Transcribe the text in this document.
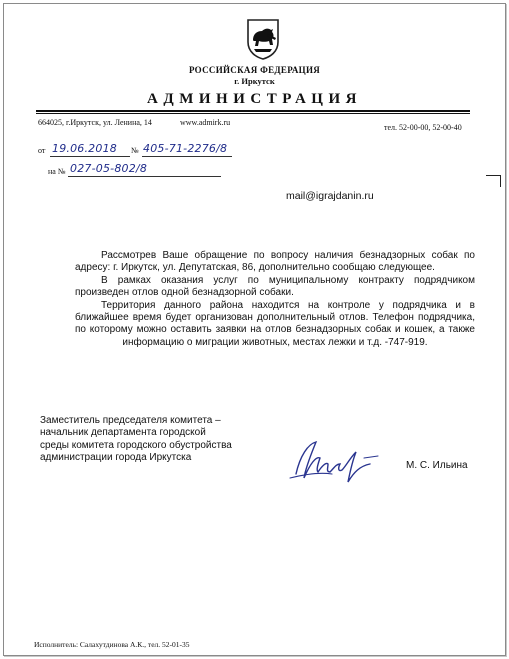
РОССИЙСКАЯ ФЕДЕРАЦИЯ
г. Иркутск
АДМИНИСТРАЦИЯ
664025, г.Иркутск, ул. Ленина, 14	www.admirk.ru
тел. 52-00-00, 52-00-40
от 19.06.2018 № 405-71-2276/8
на № 027-05-802/8
mail@igrajdanin.ru

Рассмотрев Ваше обращение по вопросу наличия безнадзорных собак по адресу: г. Иркутск, ул. Депутатская, 86, дополнительно сообщаю следующее.

В рамках оказания услуг по муниципальному контракту подрядчиком произведен отлов одной безнадзорной собаки.

Территория данного района находится на контроле у подрядчика и в ближайшее время будет организован дополнительный отлов. Телефон подрядчика, по которому можно оставить заявки на отлов безнадзорных собак и кошек, а также информацию о миграции животных, местах лежки и т.д. -747-919.

Заместитель председателя комитета –
начальник департамента городской
среды комитета городского обустройства
администрации города Иркутска
М. С. Ильина
Исполнитель: Салахутдинова А.К., тел. 52-01-35
